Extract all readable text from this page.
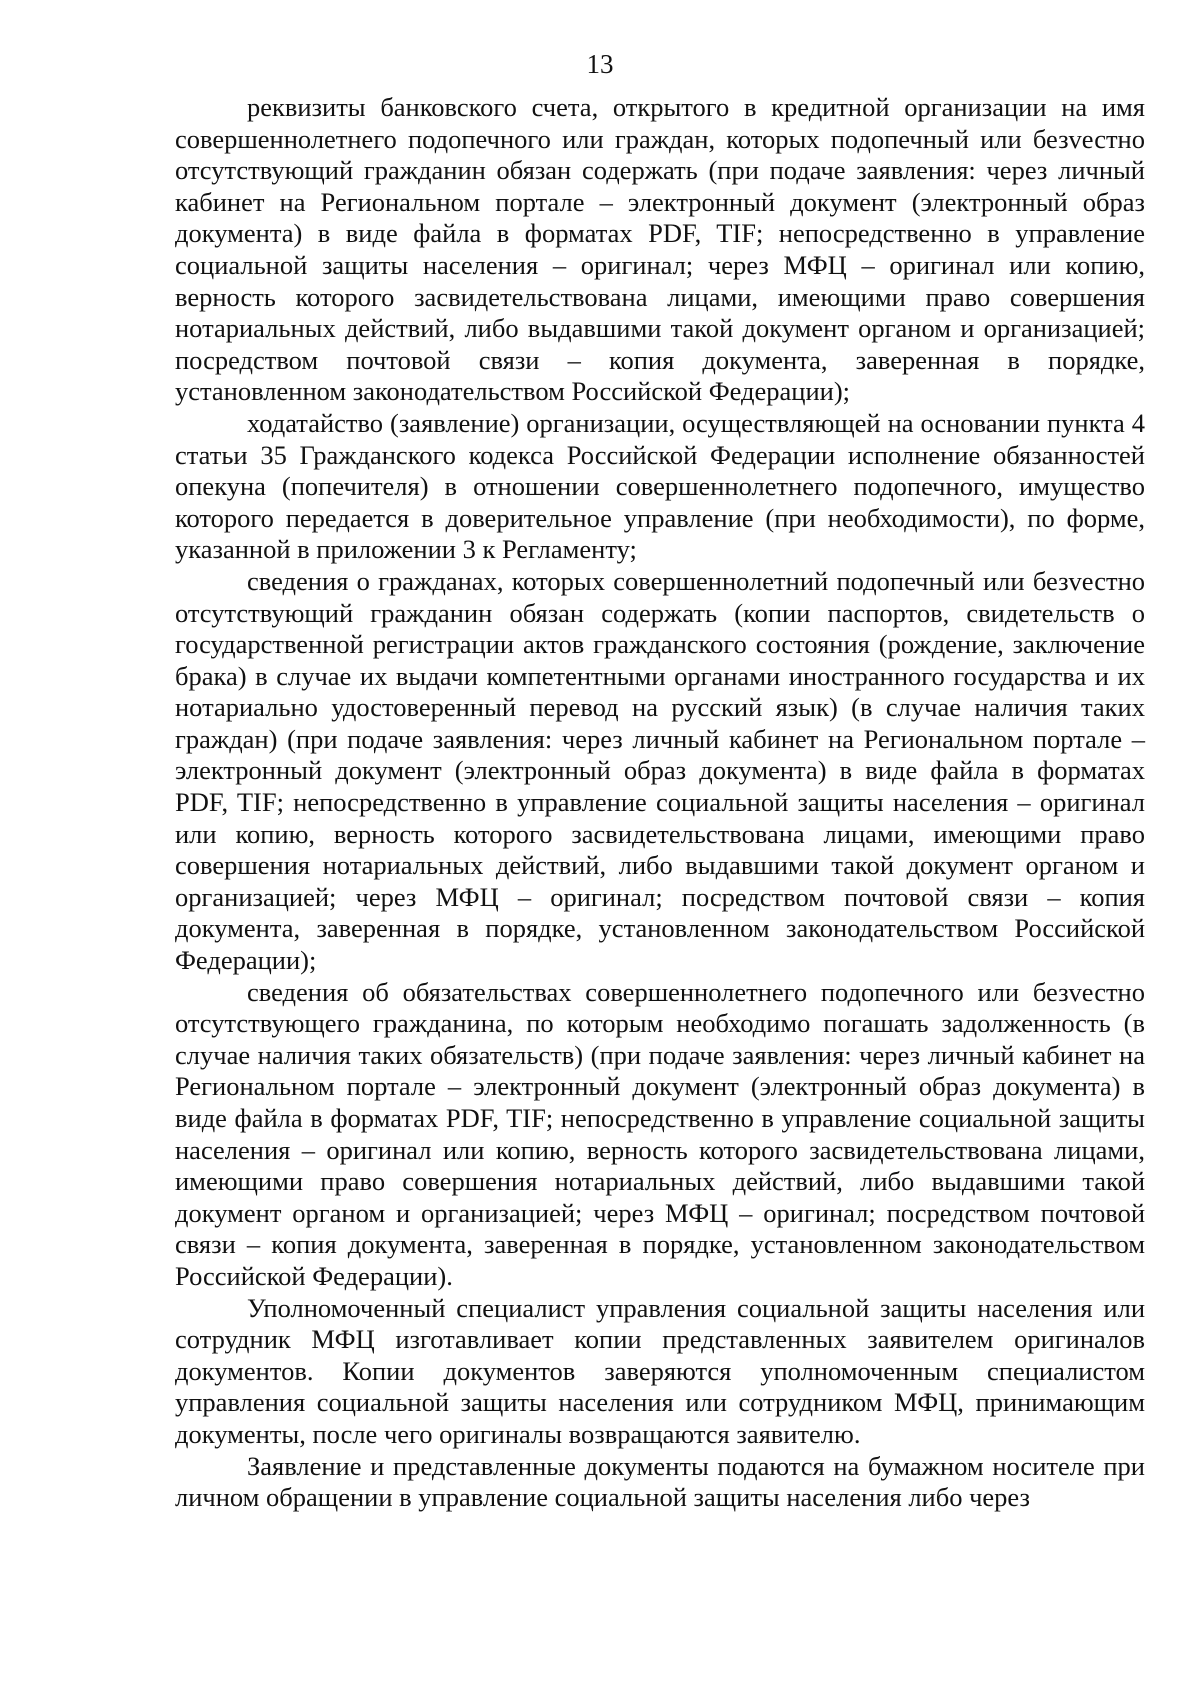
13

реквизиты банковского счета, открытого в кредитной организации на имя совершеннолетнего подопечного или граждан, которых подопечный или безvестно отсутствующий гражданин обязан содержать (при подаче заявления: через личный кабинет на Региональном портале – электронный документ (электронный образ документа) в виде файла в форматах PDF, TIF; непосредственно в управление социальной защиты населения – оригинал; через МФЦ – оригинал или копию, верность которого засвидетельствована лицами, имеющими право совершения нотариальных действий, либо выдавшими такой документ органом и организацией; посредством почтовой связи – копия документа, заверенная в порядке, установленном законодательством Российской Федерации);

ходатайство (заявление) организации, осуществляющей на основании пункта 4 статьи 35 Гражданского кодекса Российской Федерации исполнение обязанностей опекуна (попечителя) в отношении совершеннолетнего подопечного, имущество которого передается в доверительное управление (при необходимости), по форме, указанной в приложении 3 к Регламенту;

сведения о гражданах, которых совершеннолетний подопечный или безvестно отсутствующий гражданин обязан содержать (копии паспортов, свидетельств о государственной регистрации актов гражданского состояния (рождение, заключение брака) в случае их выдачи компетентными органами иностранного государства и их нотариально удостоверенный перевод на русский язык) (в случае наличия таких граждан) (при подаче заявления: через личный кабинет на Региональном портале – электронный документ (электронный образ документа) в виде файла в форматах PDF, TIF; непосредственно в управление социальной защиты населения – оригинал или копию, верность которого засвидетельствована лицами, имеющими право совершения нотариальных действий, либо выдавшими такой документ органом и организацией; через МФЦ – оригинал; посредством почтовой связи – копия документа, заверенная в порядке, установленном законодательством Российской Федерации);

сведения об обязательствах совершеннолетнего подопечного или безvестно отсутствующего гражданина, по которым необходимо погашать задолженность (в случае наличия таких обязательств) (при подаче заявления: через личный кабинет на Региональном портале – электронный документ (электронный образ документа) в виде файла в форматах PDF, TIF; непосредственно в управление социальной защиты населения – оригинал или копию, верность которого засвидетельствована лицами, имеющими право совершения нотариальных действий, либо выдавшими такой документ органом и организацией; через МФЦ – оригинал; посредством почтовой связи – копия документа, заверенная в порядке, установленном законодательством Российской Федерации).

Уполномоченный специалист управления социальной защиты населения или сотрудник МФЦ изготавливает копии представленных заявителем оригиналов документов. Копии документов заверяются уполномоченным специалистом управления социальной защиты населения или сотрудником МФЦ, принимающим документы, после чего оригиналы возвращаются заявителю.

Заявление и представленные документы подаются на бумажном носителе при личном обращении в управление социальной защиты населения либо через
